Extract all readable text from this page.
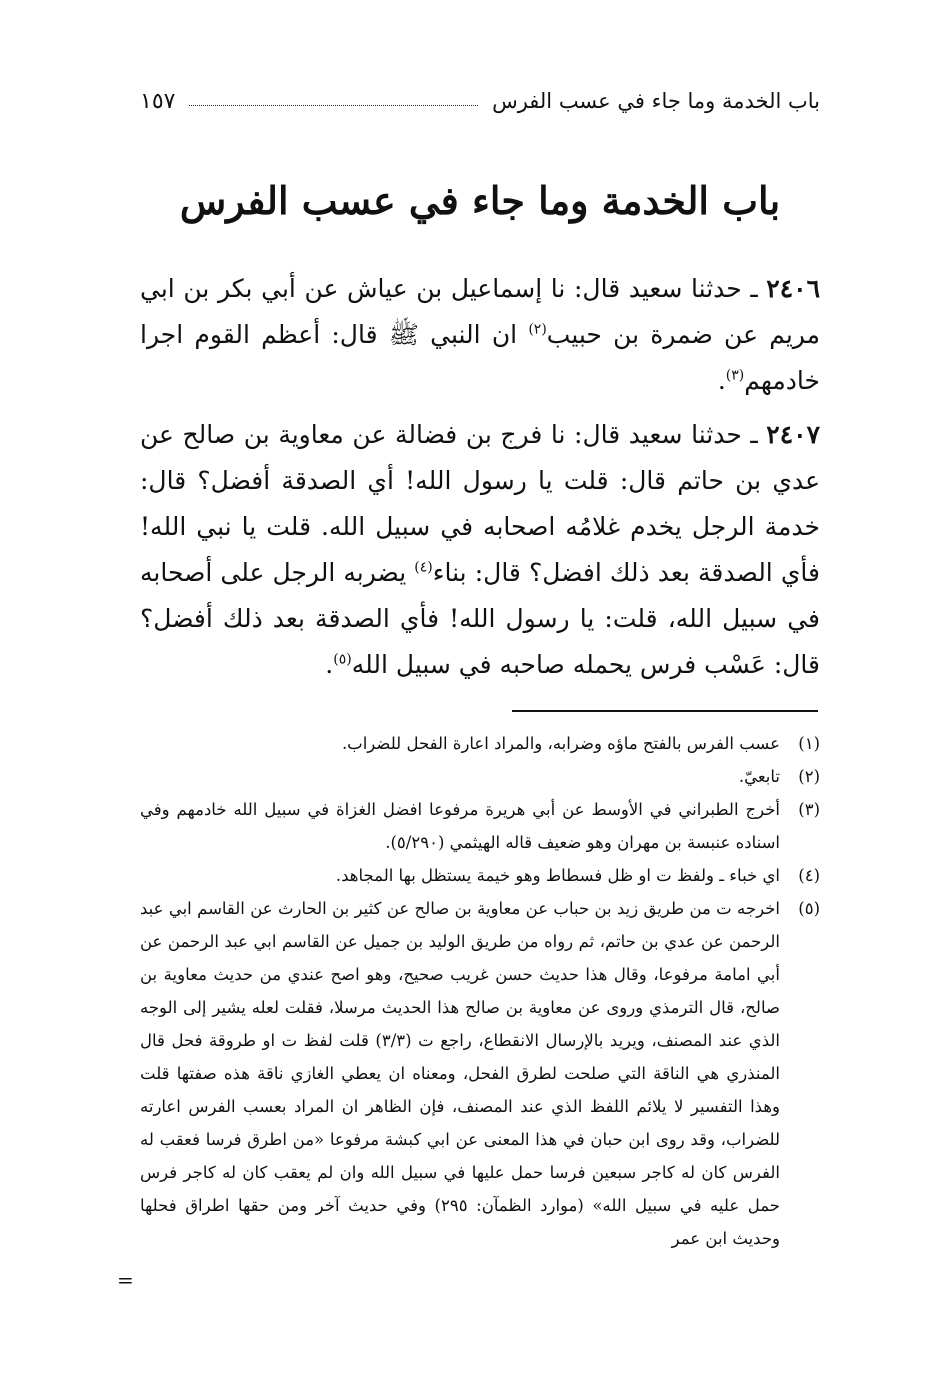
باب الخدمة وما جاء في عسب الفرس
١٥٧
باب الخدمة وما جاء في عسب الفرس

٢٤٠٦ ـ حدثنا سعيد قال: نا إسماعيل بن عياش عن أبي بكر بن ابي مريم عن ضمرة بن حبيب$^{(٢)}$ ان النبي ﷺ قال: أعظم القوم اجرا خادمهم$^{(٣)}$.

٢٤٠٧ ـ حدثنا سعيد قال: نا فرج بن فضالة عن معاوية بن صالح عن عدي بن حاتم قال: قلت يا رسول الله! أي الصدقة أفضل؟ قال: خدمة الرجل يخدم غلامُه اصحابه في سبيل الله. قلت يا نبي الله! فأي الصدقة بعد ذلك افضل؟ قال: بناء$^{(٤)}$ يضربه الرجل على أصحابه في سبيل الله، قلت: يا رسول الله! فأي الصدقة بعد ذلك أفضل؟ قال: عَسْب فرس يحمله صاحبه في سبيل الله$^{(٥)}$.

(١)
عسب الفرس بالفتح ماؤه وضرابه، والمراد اعارة الفحل للضراب.
(٢)
تابعيّ.
(٣)
أخرج الطبراني في الأوسط عن أبي هريرة مرفوعا افضل الغزاة في سبيل الله خادمهم وفي اسناده عنبسة بن مهران وهو ضعيف قاله الهيثمي (٥/٢٩٠).
(٤)
اي خباء ـ ولفظ ت او ظل فسطاط وهو خيمة يستظل بها المجاهد.
(٥)
اخرجه ت من طريق زيد بن حباب عن معاوية بن صالح عن كثير بن الحارث عن القاسم ابي عبد الرحمن عن عدي بن حاتم، ثم رواه من طريق الوليد بن جميل عن القاسم ابي عبد الرحمن عن أبي امامة مرفوعا، وقال هذا حديث حسن غريب صحيح، وهو اصح عندي من حديث معاوية بن صالح، قال الترمذي وروى عن معاوية بن صالح هذا الحديث مرسلا، فقلت لعله يشير إلى الوجه الذي عند المصنف، ويريد بالإرسال الانقطاع، راجع ت (٣/٣) قلت لفظ ت او طروقة فحل قال المنذري هي الناقة التي صلحت لطرق الفحل، ومعناه ان يعطي الغازي ناقة هذه صفتها قلت وهذا التفسير لا يلائم اللفظ الذي عند المصنف، فإن الظاهر ان المراد بعسب الفرس اعارته للضراب، وقد روى ابن حبان في هذا المعنى عن ابي كبشة مرفوعا «من اطرق فرسا فعقب له الفرس كان له كاجر سبعين فرسا حمل عليها في سبيل الله وان لم يعقب كان له كاجر فرس حمل عليه في سبيل الله» (موارد الظمآن: ٢٩٥) وفي حديث آخر ومن حقها اطراق فحلها وحديث ابن عمر
=
